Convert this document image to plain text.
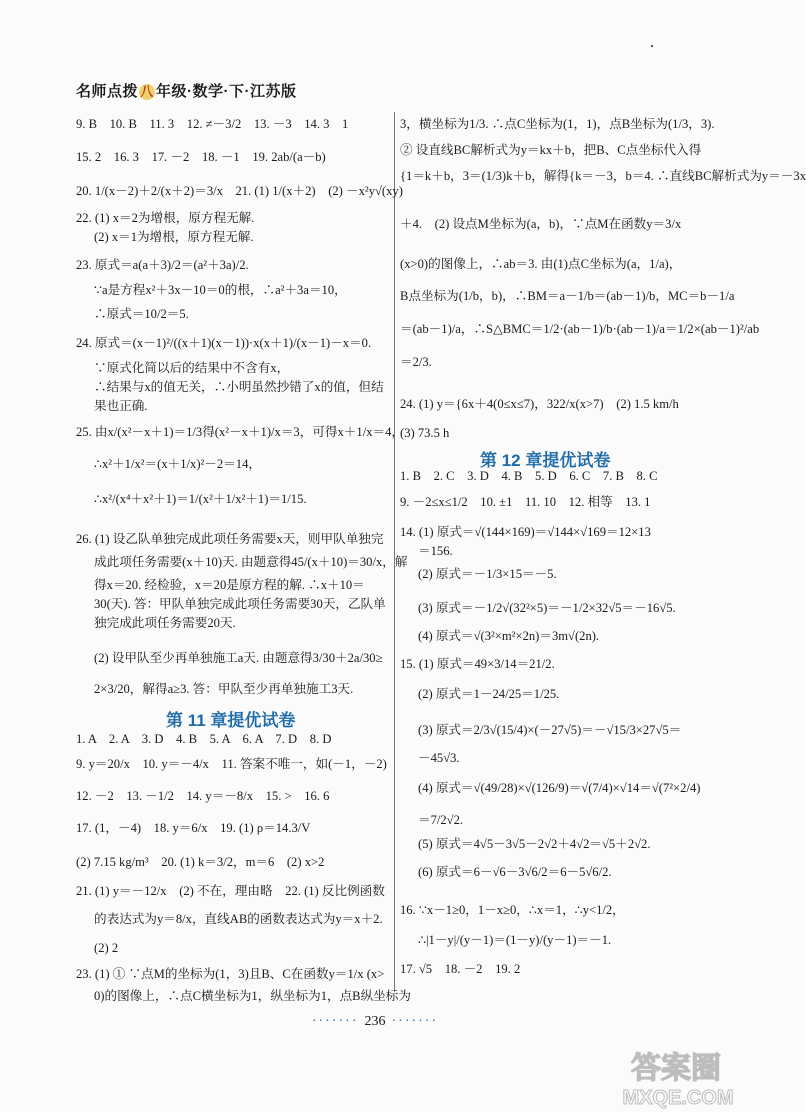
名师点拨 八 年级·数学·下·江苏版
9. B　10. B　11. 3　12. ≠－3/2　13. －3　14. 3　1
15. 2　16. 3　17. －2　18. －1　19. 2ab/(a－b)
20. 1/(x－2)＋2/(x＋2)＝3/x　21. (1) 1/(x＋2)　(2) －x²y√(xy)
22. (1) x＝2为增根，原方程无解.
(2) x＝1为增根，原方程无解.
23. 原式＝a(a＋3)/2＝(a²＋3a)/2.
∵a是方程x²＋3x－10＝0的根，∴a²＋3a＝10，
∴原式＝10/2＝5.
24. 原式＝(x－1)²/((x＋1)(x－1))·x(x＋1)/(x－1)－x＝0.
∵原式化简以后的结果中不含有x，
∴结果与x的值无关，∴小明虽然抄错了x的值，但结
果也正确.
25. 由x/(x²－x＋1)＝1/3得(x²－x＋1)/x＝3，可得x＋1/x＝4，
∴x²＋1/x²＝(x＋1/x)²－2＝14，
∴x²/(x⁴＋x²＋1)＝1/(x²＋1/x²＋1)＝1/15.
26. (1) 设乙队单独完成此项任务需要x天，则甲队单独完
成此项任务需要(x＋10)天. 由题意得45/(x＋10)＝30/x，解
得x＝20. 经检验，x＝20是原方程的解. ∴x＋10＝
30(天). 答：甲队单独完成此项任务需要30天，乙队单
独完成此项任务需要20天.
(2) 设甲队至少再单独施工a天. 由题意得3/30＋2a/30≥
2×3/20，解得a≥3. 答：甲队至少再单独施工3天.
第 11 章提优试卷
1. A　2. A　3. D　4. B　5. A　6. A　7. D　8. D
9. y＝20/x　10. y＝－4/x　11. 答案不唯一，如(－1，－2)
12. －2　13. －1/2　14. y＝－8/x　15. >　16. 6
17. (1，－4)　18. y＝6/x　19. (1) ρ＝14.3/V
(2) 7.15 kg/m³　20. (1) k＝3/2，m＝6　(2) x>2
21. (1) y＝－12/x　(2) 不在，理由略　22. (1) 反比例函数
的表达式为y＝8/x，直线AB的函数表达式为y＝x＋2.
(2) 2
23. (1) ① ∵点M的坐标为(1，3)且B、C在函数y＝1/x (x>
0)的图像上，∴点C横坐标为1，纵坐标为1，点B纵坐标为
3，横坐标为1/3. ∴点C坐标为(1，1)，点B坐标为(1/3，3).
② 设直线BC解析式为y＝kx＋b，把B、C点坐标代入得
{1＝k＋b，3＝(1/3)k＋b，解得{k＝－3，b＝4. ∴直线BC解析式为y＝－3x
＋4.　(2) 设点M坐标为(a，b)，∵点M在函数y＝3/x
(x>0)的图像上，∴ab＝3. 由(1)点C坐标为(a，1/a)，
B点坐标为(1/b，b)，∴BM＝a－1/b＝(ab－1)/b，MC＝b－1/a
＝(ab－1)/a，∴S△BMC＝1/2·(ab－1)/b·(ab－1)/a＝1/2×(ab－1)²/ab
＝2/3.
24. (1) y＝{6x＋4(0≤x≤7)，322/x(x>7)　(2) 1.5 km/h
(3) 73.5 h
第 12 章提优试卷
1. B　2. C　3. D　4. B　5. D　6. C　7. B　8. C
9. －2≤x≤1/2　10. ±1　11. 10　12. 相等　13. 1
14. (1) 原式＝√(144×169)＝√144×√169＝12×13
＝156.
(2) 原式＝－1/3×15＝－5.
(3) 原式＝－1/2√(32²×5)＝－1/2×32√5＝－16√5.
(4) 原式＝√(3²×m²×2n)＝3m√(2n).
15. (1) 原式＝49×3/14＝21/2.
(2) 原式＝1－24/25＝1/25.
(3) 原式＝2/3√(15/4)×(－27√5)＝－√15/3×27√5＝
－45√3.
(4) 原式＝√(49/28)×√(126/9)＝√(7/4)×√14＝√(7²×2/4)
＝7/2√2.
(5) 原式＝4√5－3√5－2√2＋4√2＝√5＋2√2.
(6) 原式＝6－√6－3√6/2＝6－5√6/2.
16. ∵x－1≥0，1－x≥0，∴x＝1，∴y<1/2，
∴|1－y|/(y－1)＝(1－y)/(y－1)＝－1.
17. √5　18. －2　19. 2
······· 236 ·······
答案圈
MXQE.COM
